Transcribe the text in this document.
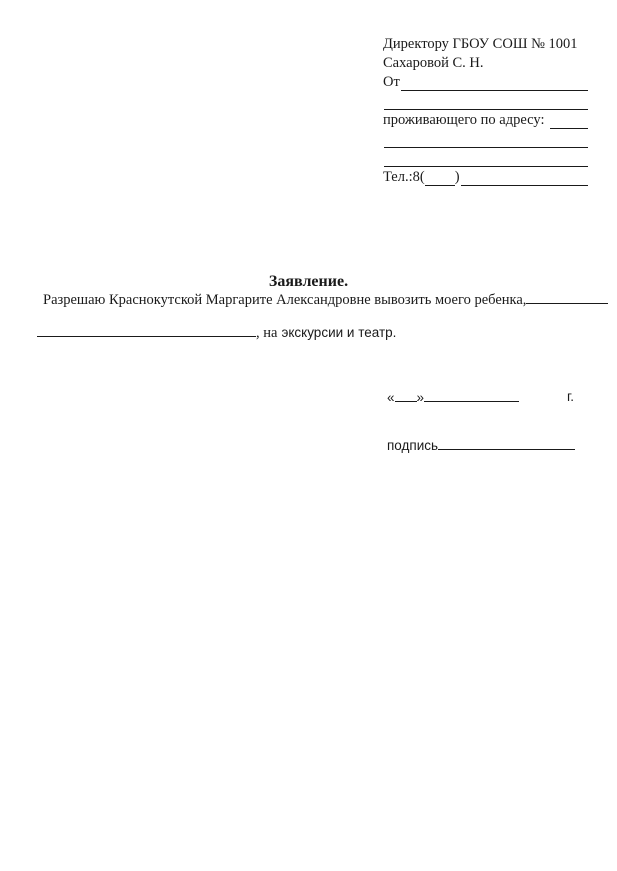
Директору ГБОУ СОШ № 1001
Сахаровой С. Н.
От
проживающего по адресу:
Тел.:8( )
Заявление.
Разрешаю Краснокутской Маргарите Александровне вывозить моего ребенка,
, на экскурсии и театр.
« »	г.
подпись
